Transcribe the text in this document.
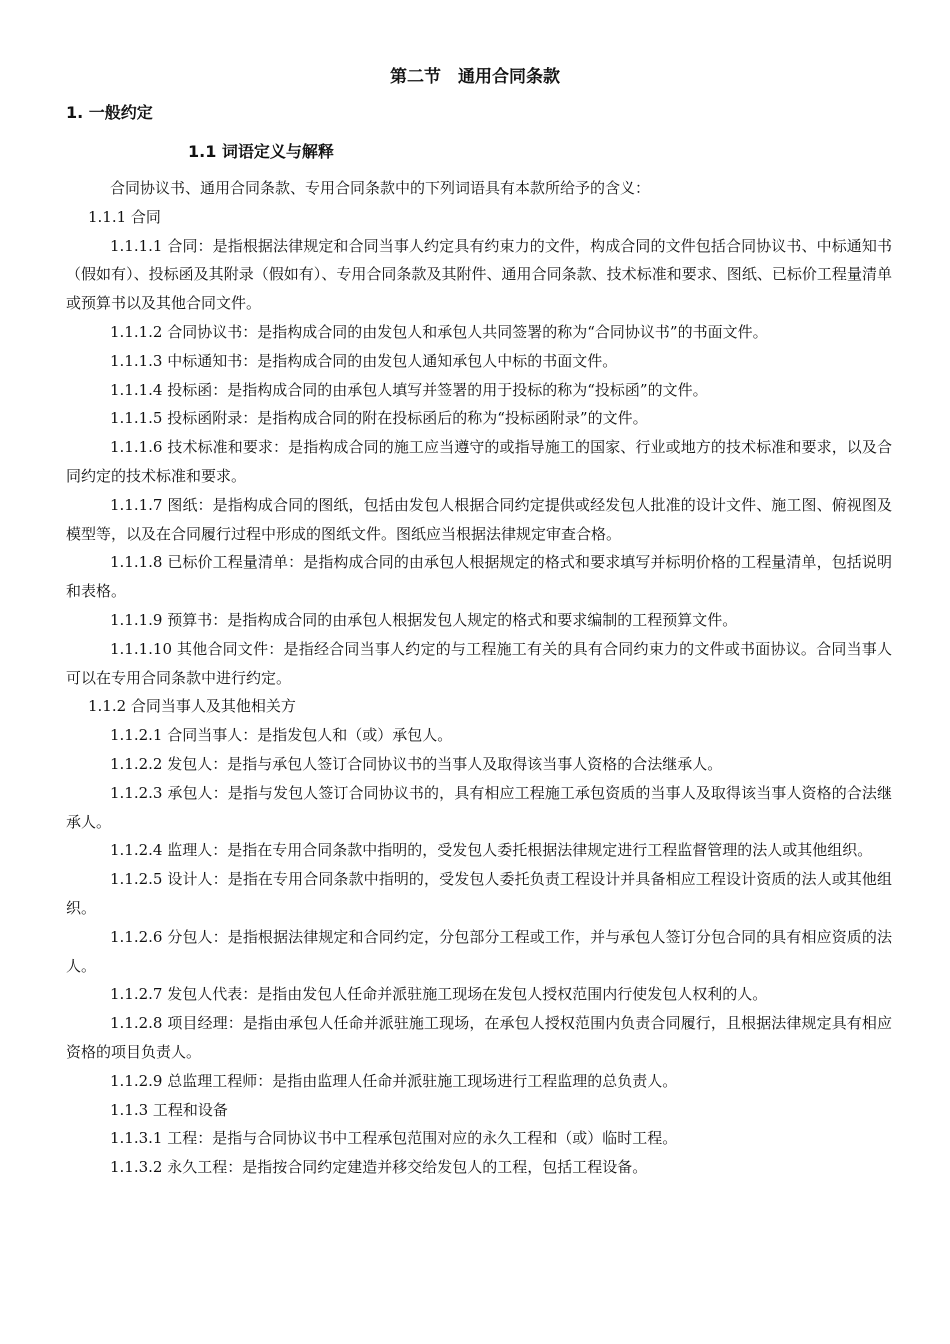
第二节　通用合同条款
1. 一般约定
1.1 词语定义与解释

合同协议书、通用合同条款、专用合同条款中的下列词语具有本款所给予的含义：

1.1.1 合同

1.1.1.1 合同：是指根据法律规定和合同当事人约定具有约束力的文件，构成合同的文件包括合同协议书、中标通知书（假如有）、投标函及其附录（假如有）、专用合同条款及其附件、通用合同条款、技术标准和要求、图纸、已标价工程量清单或预算书以及其他合同文件。

1.1.1.2 合同协议书：是指构成合同的由发包人和承包人共同签署的称为“合同协议书”的书面文件。

1.1.1.3 中标通知书：是指构成合同的由发包人通知承包人中标的书面文件。

1.1.1.4 投标函：是指构成合同的由承包人填写并签署的用于投标的称为“投标函”的文件。

1.1.1.5 投标函附录：是指构成合同的附在投标函后的称为“投标函附录”的文件。

1.1.1.6 技术标准和要求：是指构成合同的施工应当遵守的或指导施工的国家、行业或地方的技术标准和要求，以及合同约定的技术标准和要求。

1.1.1.7 图纸：是指构成合同的图纸，包括由发包人根据合同约定提供或经发包人批准的设计文件、施工图、俯视图及模型等，以及在合同履行过程中形成的图纸文件。图纸应当根据法律规定审查合格。

1.1.1.8 已标价工程量清单：是指构成合同的由承包人根据规定的格式和要求填写并标明价格的工程量清单，包括说明和表格。

1.1.1.9 预算书：是指构成合同的由承包人根据发包人规定的格式和要求编制的工程预算文件。

1.1.1.10 其他合同文件：是指经合同当事人约定的与工程施工有关的具有合同约束力的文件或书面协议。合同当事人可以在专用合同条款中进行约定。

1.1.2 合同当事人及其他相关方

1.1.2.1 合同当事人：是指发包人和（或）承包人。

1.1.2.2 发包人：是指与承包人签订合同协议书的当事人及取得该当事人资格的合法继承人。

1.1.2.3 承包人：是指与发包人签订合同协议书的，具有相应工程施工承包资质的当事人及取得该当事人资格的合法继承人。

1.1.2.4 监理人：是指在专用合同条款中指明的，受发包人委托根据法律规定进行工程监督管理的法人或其他组织。

1.1.2.5 设计人：是指在专用合同条款中指明的，受发包人委托负责工程设计并具备相应工程设计资质的法人或其他组织。

1.1.2.6 分包人：是指根据法律规定和合同约定，分包部分工程或工作，并与承包人签订分包合同的具有相应资质的法人。

1.1.2.7 发包人代表：是指由发包人任命并派驻施工现场在发包人授权范围内行使发包人权利的人。

1.1.2.8 项目经理：是指由承包人任命并派驻施工现场，在承包人授权范围内负责合同履行，且根据法律规定具有相应资格的项目负责人。

1.1.2.9 总监理工程师：是指由监理人任命并派驻施工现场进行工程监理的总负责人。

1.1.3 工程和设备

1.1.3.1 工程：是指与合同协议书中工程承包范围对应的永久工程和（或）临时工程。

1.1.3.2 永久工程：是指按合同约定建造并移交给发包人的工程，包括工程设备。
